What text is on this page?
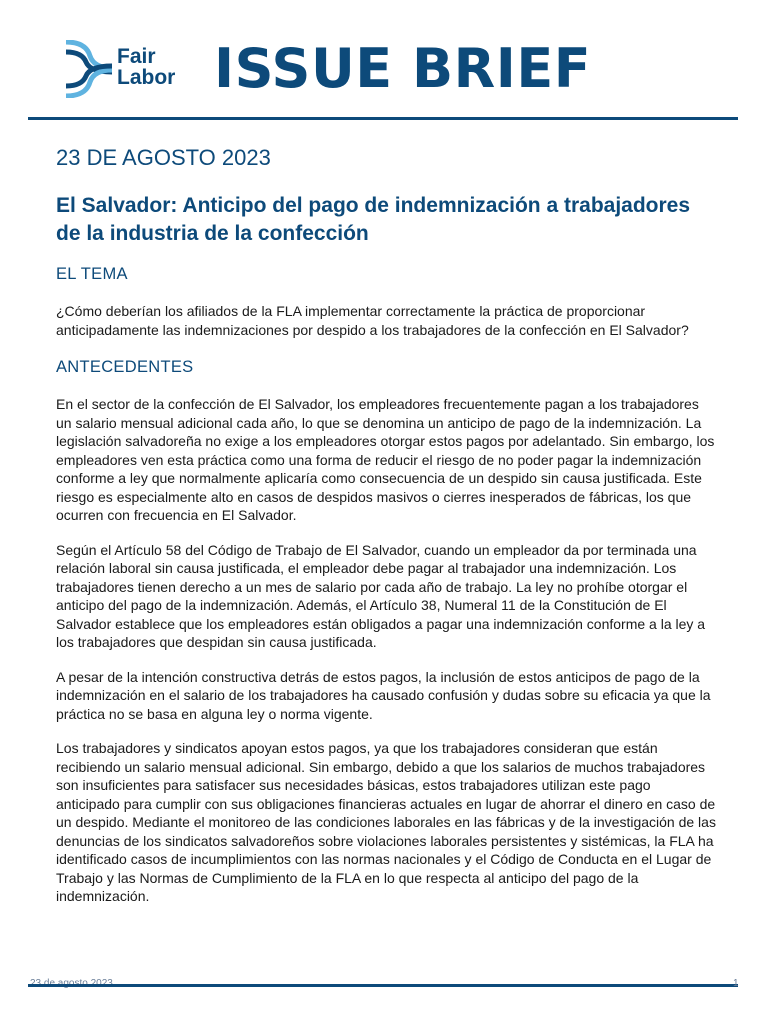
Fair
Labor ISSUE BRIEF
23 DE AGOSTO 2023
El Salvador: Anticipo del pago de indemnización a trabajadores de la industria de la confección
EL TEMA

¿Cómo deberían los afiliados de la FLA implementar correctamente la práctica de proporcionar anticipadamente las indemnizaciones por despido a los trabajadores de la confección en El Salvador?

ANTECEDENTES

En el sector de la confección de El Salvador, los empleadores frecuentemente pagan a los trabajadores un salario mensual adicional cada año, lo que se denomina un anticipo de pago de la indemnización. La legislación salvadoreña no exige a los empleadores otorgar estos pagos por adelantado. Sin embargo, los empleadores ven esta práctica como una forma de reducir el riesgo de no poder pagar la indemnización conforme a ley que normalmente aplicaría como consecuencia de un despido sin causa justificada. Este riesgo es especialmente alto en casos de despidos masivos o cierres inesperados de fábricas, los que ocurren con frecuencia en El Salvador.

Según el Artículo 58 del Código de Trabajo de El Salvador, cuando un empleador da por terminada una relación laboral sin causa justificada, el empleador debe pagar al trabajador una indemnización. Los trabajadores tienen derecho a un mes de salario por cada año de trabajo. La ley no prohíbe otorgar el anticipo del pago de la indemnización. Además, el Artículo 38, Numeral 11 de la Constitución de El Salvador establece que los empleadores están obligados a pagar una indemnización conforme a la ley a los trabajadores que despidan sin causa justificada.

A pesar de la intención constructiva detrás de estos pagos, la inclusión de estos anticipos de pago de la indemnización en el salario de los trabajadores ha causado confusión y dudas sobre su eficacia ya que la práctica no se basa en alguna ley o norma vigente.

Los trabajadores y sindicatos apoyan estos pagos, ya que los trabajadores consideran que están recibiendo un salario mensual adicional. Sin embargo, debido a que los salarios de muchos trabajadores son insuficientes para satisfacer sus necesidades básicas, estos trabajadores utilizan este pago anticipado para cumplir con sus obligaciones financieras actuales en lugar de ahorrar el dinero en caso de un despido. Mediante el monitoreo de las condiciones laborales en las fábricas y de la investigación de las denuncias de los sindicatos salvadoreños sobre violaciones laborales persistentes y sistémicas, la FLA ha identificado casos de incumplimientos con las normas nacionales y el Código de Conducta en el Lugar de Trabajo y las Normas de Cumplimiento de la FLA en lo que respecta al anticipo del pago de la indemnización.

1
